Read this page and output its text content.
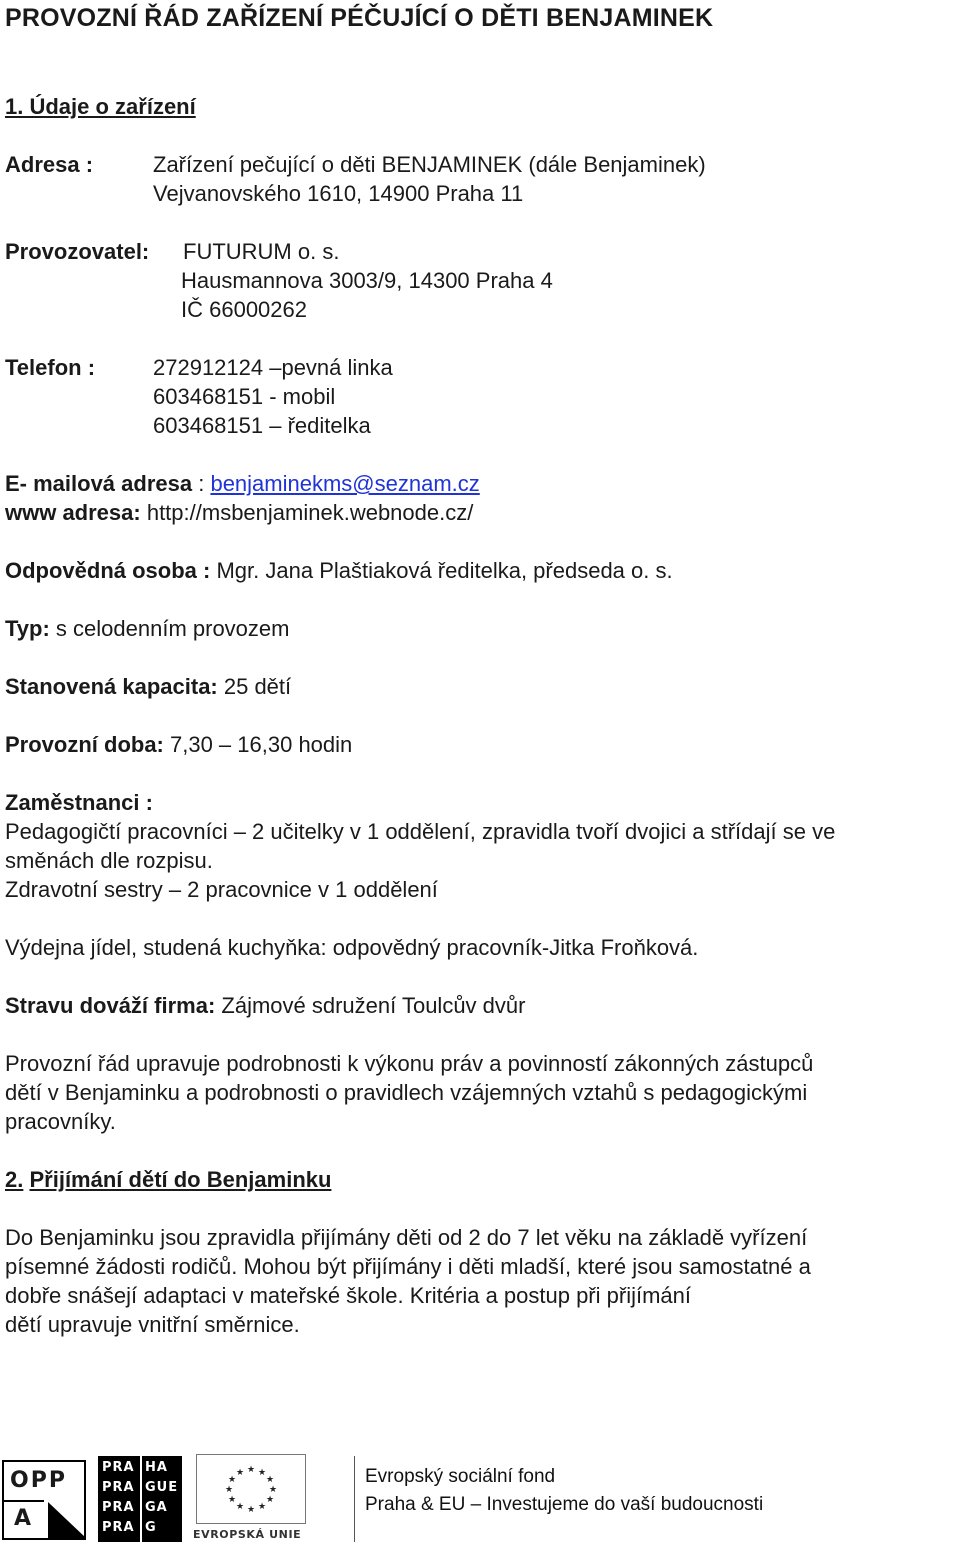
PROVOZNÍ ŘÁD ZAŘÍZENÍ PÉČUJÍCÍ O DĚTI BENJAMINEK
1. Údaje o zařízení
Adresa :	Zařízení pečující o děti BENJAMINEK (dále Benjaminek)
Vejvanovského 1610, 14900 Praha 11
Provozovatel: FUTURUM o. s.
Hausmannova 3003/9, 14300 Praha 4
IČ 66000262
Telefon :	272912124 –pevná linka
603468151 - mobil
603468151 – ředitelka
E- mailová adresa : benjaminekms@seznam.cz
www adresa: http://msbenjaminek.webnode.cz/
Odpovědná osoba : Mgr. Jana Plaštiaková ředitelka, předseda o. s.
Typ: s celodenním provozem
Stanovená kapacita: 25 dětí
Provozní doba: 7,30 – 16,30 hodin
Zaměstnanci :
Pedagogičtí pracovníci – 2 učitelky v 1 oddělení, zpravidla tvoří dvojici a střídají se ve
směnách dle rozpisu.
Zdravotní sestry – 2 pracovnice v 1 oddělení
Výdejna jídel, studená kuchyňka: odpovědný pracovník-Jitka Froňková.
Stravu dováží firma: Zájmové sdružení Toulcův dvůr
Provozní řád upravuje podrobnosti k výkonu práv a povinností zákonných zástupců
dětí v Benjaminku a podrobnosti o pravidlech vzájemných vztahů s pedagogickými
pracovníky.
2. Přijímání dětí do Benjaminku
Do Benjaminku jsou zpravidla přijímány děti od 2 do 7 let věku na základě vyřízení
písemné žádosti rodičů. Mohou být přijímány i děti mladší, které jsou samostatné a
dobře snášejí adaptaci v mateřské škole. Kritéria a postup při přijímání
dětí upravuje vnitřní směrnice.
OPP
A
PRA HA
PRA GUE
PRA GA
PRA G
★ ★
★
★
★
★
★
★
★
★
★
★
EVROPSKÁ UNIE
Evropský sociální fond
Praha & EU – Investujeme do vaší budoucnosti
